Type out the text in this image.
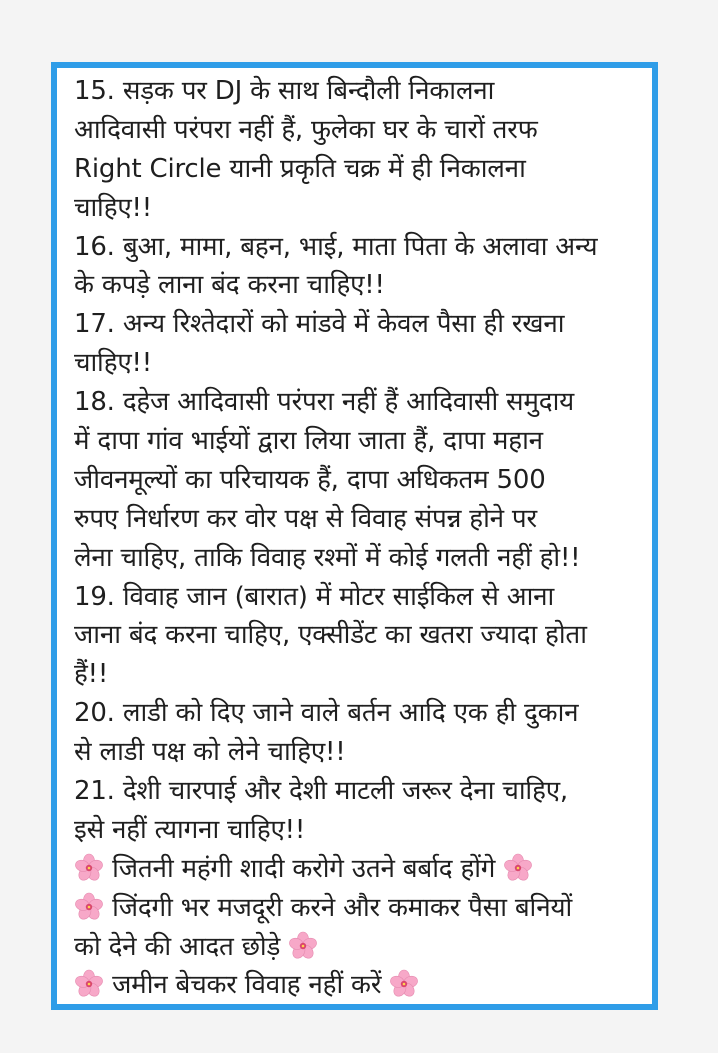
15. सड़क पर DJ के साथ बिन्दौली निकालना
आदिवासी परंपरा नहीं हैं, फुलेका घर के चारों तरफ
Right Circle यानी प्रकृति चक्र में ही निकालना
चाहिए!!
16. बुआ, मामा, बहन, भाई, माता पिता के अलावा अन्य
के कपड़े लाना बंद करना चाहिए!!
17. अन्य रिश्तेदारों को मांडवे में केवल पैसा ही रखना
चाहिए!!
18. दहेज आदिवासी परंपरा नहीं हैं आदिवासी समुदाय
में दापा गांव भाईयों द्वारा लिया जाता हैं, दापा महान
जीवनमूल्यों का परिचायक हैं, दापा अधिकतम 500
रुपए निर्धारण कर वोर पक्ष से विवाह संपन्न होने पर
लेना चाहिए, ताकि विवाह रश्मों में कोई गलती नहीं हो!!
19. विवाह जान (बारात) में मोटर साईकिल से आना
जाना बंद करना चाहिए, एक्सीडेंट का खतरा ज्यादा होता
हैं!!
20. लाडी को दिए जाने वाले बर्तन आदि एक ही दुकान
से लाडी पक्ष को लेने चाहिए!!
21. देशी चारपाई और देशी माटली जरूर देना चाहिए,
इसे नहीं त्यागना चाहिए!!
जितनी महंगी शादी करोगे उतने बर्बाद होंगे
जिंदगी भर मजदूरी करने और कमाकर पैसा बनियों
को देने की आदत छोड़े
जमीन बेचकर विवाह नहीं करें
